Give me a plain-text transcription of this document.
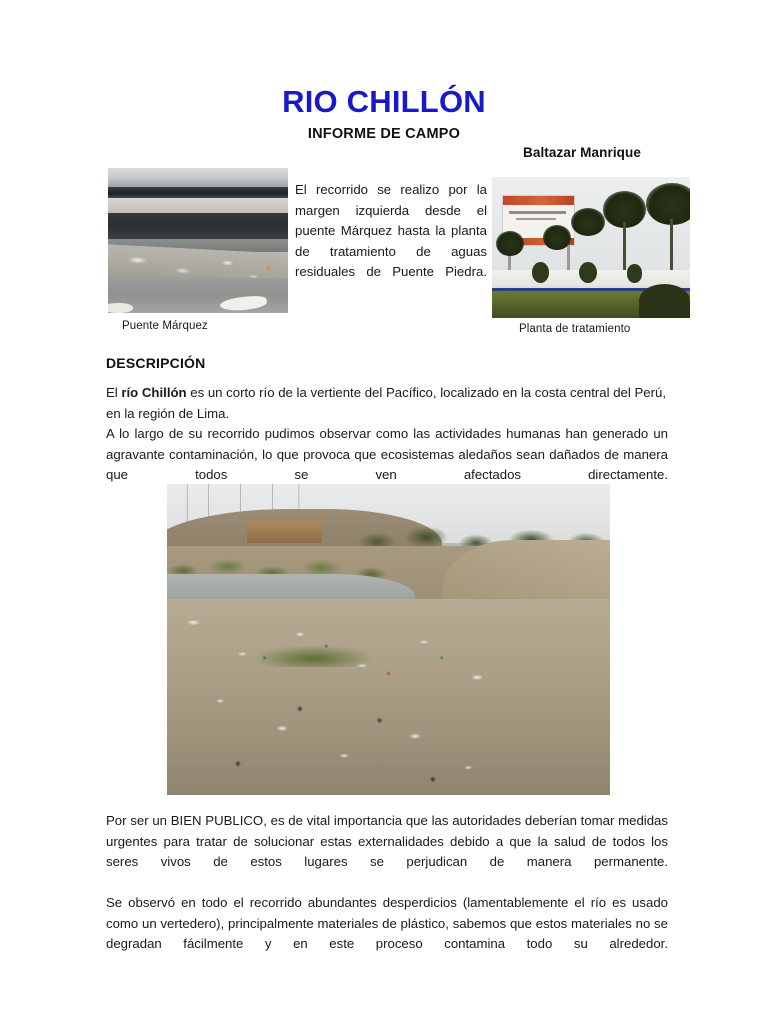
RIO CHILLÓN
INFORME DE CAMPO
Baltazar Manrique
Puente Márquez	Planta de tratamiento
DESCRIPCIÓN
El recorrido se realizo por la margen izquierda desde el puente Márquez hasta la planta de tratamiento de aguas residuales de Puente Piedra.

El río Chillón es un corto río de la vertiente del Pacífico, localizado en la costa central del Perú, en la región de Lima.

A lo largo de su recorrido pudimos observar como las actividades humanas han generado un agravante contaminación, lo que provoca que ecosistemas aledaños sean dañados de manera que todos se ven afectados directamente.

Por ser un BIEN PUBLICO, es de vital importancia que las autoridades deberían tomar medidas urgentes para tratar de solucionar estas externalidades debido a que la salud de todos los seres vivos de estos lugares se perjudican de manera permanente.

Se observó en todo el recorrido abundantes desperdicios (lamentablemente el río es usado como un vertedero), principalmente materiales de plástico, sabemos que estos materiales no se degradan fácilmente y en este proceso contamina todo su alrededor.
